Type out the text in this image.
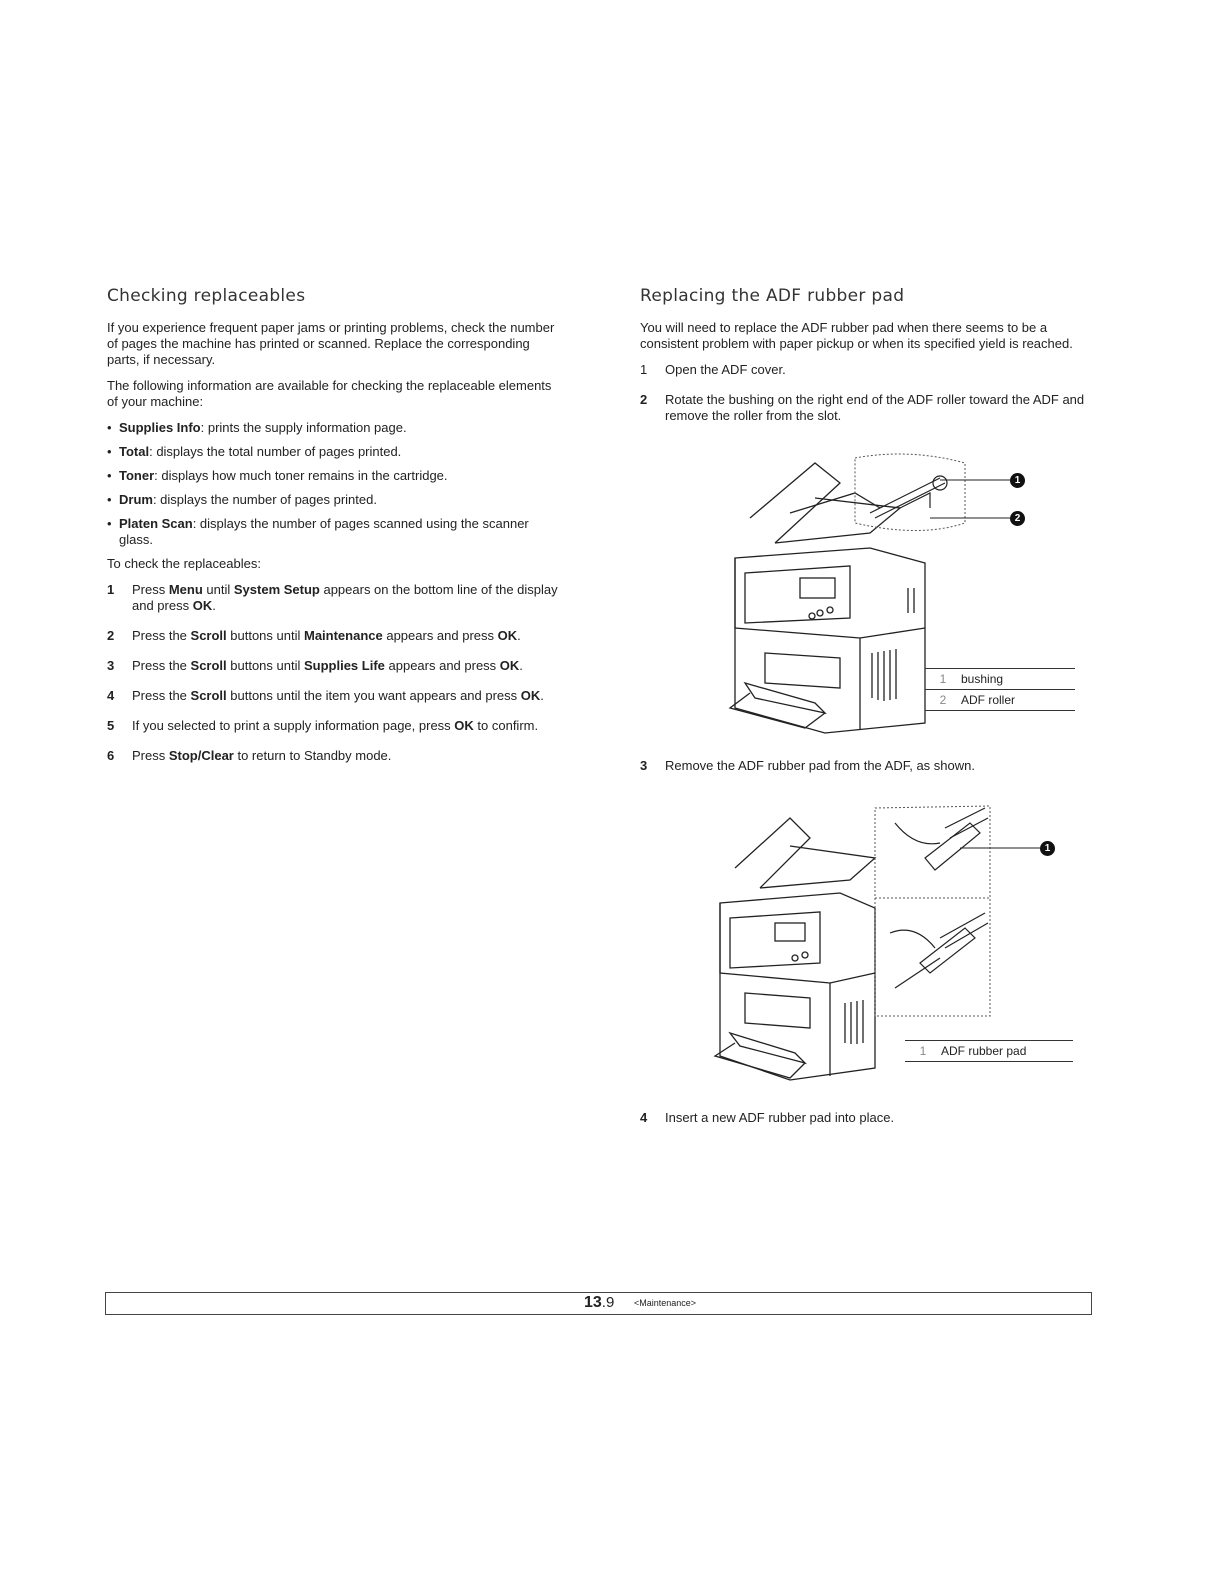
Checking replaceables

If you experience frequent paper jams or printing problems, check the number of pages the machine has printed or scanned. Replace the corresponding parts, if necessary.

The following information are available for checking the replaceable elements of your machine:

• Supplies Info: prints the supply information page.
• Total: displays the total number of pages printed.
• Toner: displays how much toner remains in the cartridge.
• Drum: displays the number of pages printed.
• Platen Scan: displays the number of pages scanned using the scanner glass.

To check the replaceables:

1 Press Menu until System Setup appears on the bottom line of the display and press OK.
2 Press the Scroll buttons until Maintenance appears and press OK.
3 Press the Scroll buttons until Supplies Life appears and press OK.
4 Press the Scroll buttons until the item you want appears and press OK.
5 If you selected to print a supply information page, press OK to confirm.
6 Press Stop/Clear to return to Standby mode.
Replacing the ADF rubber pad

You will need to replace the ADF rubber pad when there seems to be a consistent problem with paper pickup or when its specified yield is reached.

1 Open the ADF cover.
2 Rotate the bushing on the right end of the ADF roller toward the ADF and remove the roller from the slot.
1
2
1	bushing
2	ADF roller
3 Remove the ADF rubber pad from the ADF, as shown.
1
1	ADF rubber pad
4 Insert a new ADF rubber pad into place.
13.9 <Maintenance>
